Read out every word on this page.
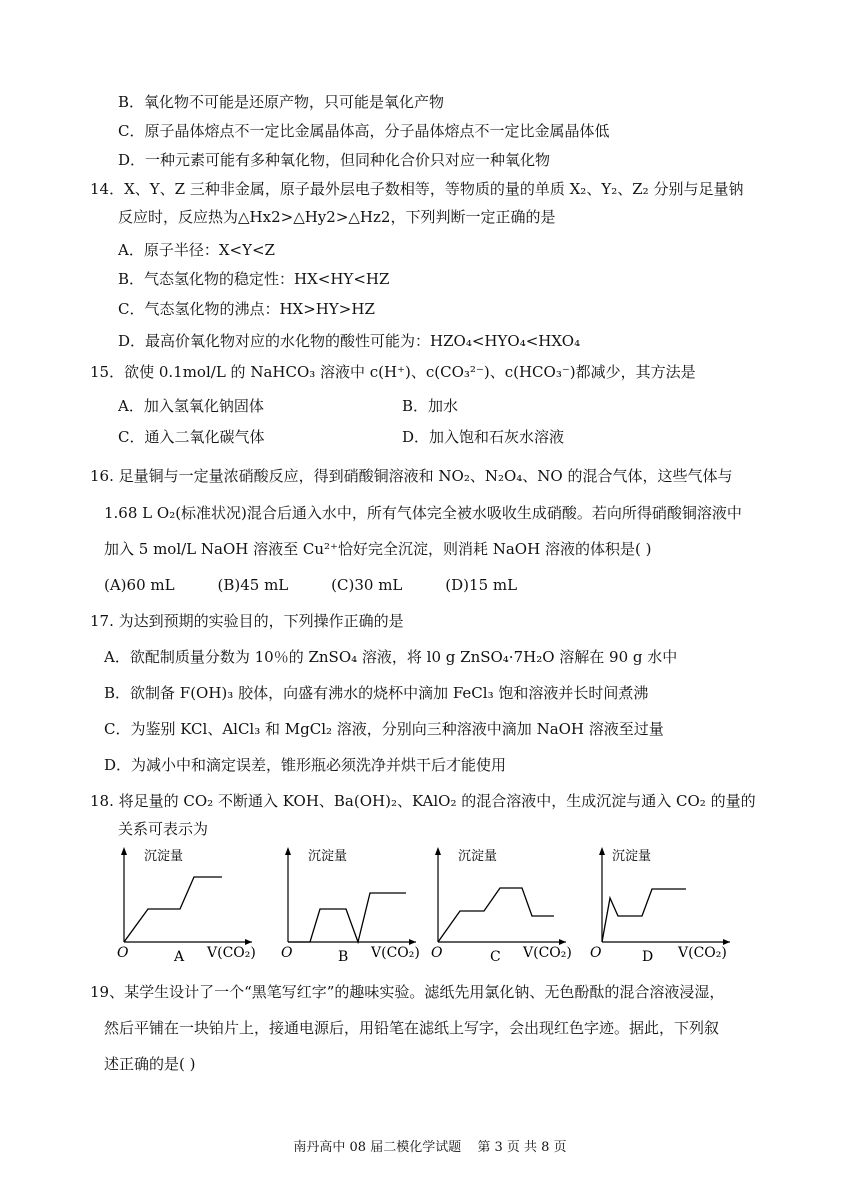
B．氧化物不可能是还原产物，只可能是氧化产物
C．原子晶体熔点不一定比金属晶体高，分子晶体熔点不一定比金属晶体低
D．一种元素可能有多种氧化物，但同种化合价只对应一种氧化物
14．X、Y、Z 三种非金属，原子最外层电子数相等，等物质的量的单质 X₂、Y₂、Z₂ 分别与足量钠
反应时，反应热为△Hx2>△Hy2>△Hz2，下列判断一定正确的是
A．原子半径：X<Y<Z
B．气态氢化物的稳定性：HX<HY<HZ
C．气态氢化物的沸点：HX>HY>HZ
D．最高价氧化物对应的水化物的酸性可能为：HZO₄<HYO₄<HXO₄
15．欲使 0.1mol/L 的 NaHCO₃ 溶液中 c(H⁺)、c(CO₃²⁻)、c(HCO₃⁻)都减少，其方法是
A．加入氢氧化钠固体	B．加水
C．通入二氧化碳气体	D．加入饱和石灰水溶液
16. 足量铜与一定量浓硝酸反应，得到硝酸铜溶液和 NO₂、N₂O₄、NO 的混合气体，这些气体与
1.68 L O₂(标准状况)混合后通入水中，所有气体完全被水吸收生成硝酸。若向所得硝酸铜溶液中
加入 5 mol/L NaOH 溶液至 Cu²⁺恰好完全沉淀，则消耗 NaOH 溶液的体积是( )
(A)60 mL         (B)45 mL         (C)30 mL         (D)15 mL
17. 为达到预期的实验目的，下列操作正确的是
A．欲配制质量分数为 10％的 ZnSO₄ 溶液，将 l0 g ZnSO₄·7H₂O 溶解在 90 g 水中
B．欲制备 F(OH)₃ 胶体，向盛有沸水的烧杯中滴加 FeCl₃ 饱和溶液并长时间煮沸
C．为鉴别 KCl、AlCl₃ 和 MgCl₂ 溶液，分别向三种溶液中滴加 NaOH 溶液至过量
D．为减小中和滴定误差，锥形瓶必须洗净并烘干后才能使用
18. 将足量的 CO₂ 不断通入 KOH、Ba(OH)₂、KAlO₂ 的混合溶液中，生成沉淀与通入 CO₂ 的量的
关系可表示为
沉淀量
O	A V(CO₂)
沉淀量
O	B V(CO₂)
沉淀量
O	C V(CO₂)
沉淀量
O	D V(CO₂)
19、某学生设计了一个“黑笔写红字”的趣味实验。滤纸先用氯化钠、无色酚酞的混合溶液浸湿，
然后平铺在一块铂片上，接通电源后，用铅笔在滤纸上写字，会出现红色字迹。据此，下列叙
述正确的是( )
南丹高中 08 届二模化学试题 第 3 页 共 8 页
